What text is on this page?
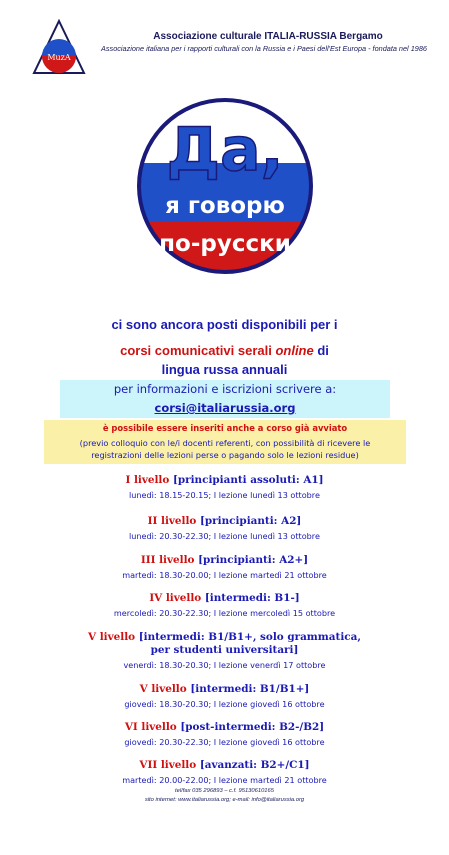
MuzA
Associazione culturale ITALIA-RUSSIA Bergamo
Associazione italiana per i rapporti culturali con la Russia e i Paesi dell'Est Europa - fondata nel 1986
Да,
я говорю
по-русски
ci sono ancora posti disponibili per i
corsi comunicativi serali online di
lingua russa annuali
per informazioni e iscrizioni scrivere a:
corsi@italiarussia.org
è possibile essere inseriti anche a corso già avviato
(previo colloquio con le/i docenti referenti, con possibilità di ricevere le
registrazioni delle lezioni perse o pagando solo le lezioni residue)
I livello [principianti assoluti: A1]
lunedì: 18.15-20.15; I lezione lunedì 13 ottobre
II livello [principianti: A2]
lunedì: 20.30-22.30; I lezione lunedì 13 ottobre
III livello [principianti: A2+]
martedì: 18.30-20.00; I lezione martedì 21 ottobre
IV livello [intermedi: B1-]
mercoledì: 20.30-22.30; I lezione mercoledì 15 ottobre
V livello [intermedi: B1/B1+, solo grammatica,
per studenti universitari]
venerdì: 18.30-20.30; I lezione venerdì 17 ottobre
V livello [intermedi: B1/B1+]
giovedì: 18.30-20.30; I lezione giovedì 16 ottobre
VI livello [post-intermedi: B2-/B2]
giovedì: 20.30-22.30; I lezione giovedì 16 ottobre
VII livello [avanzati: B2+/C1]
martedì: 20.00-22.00; I lezione martedì 21 ottobre
tel/fax 035 296893 – c.f. 95130610165
sito internet: www.italiarussia.org; e-mail: info@italiarussia.org
